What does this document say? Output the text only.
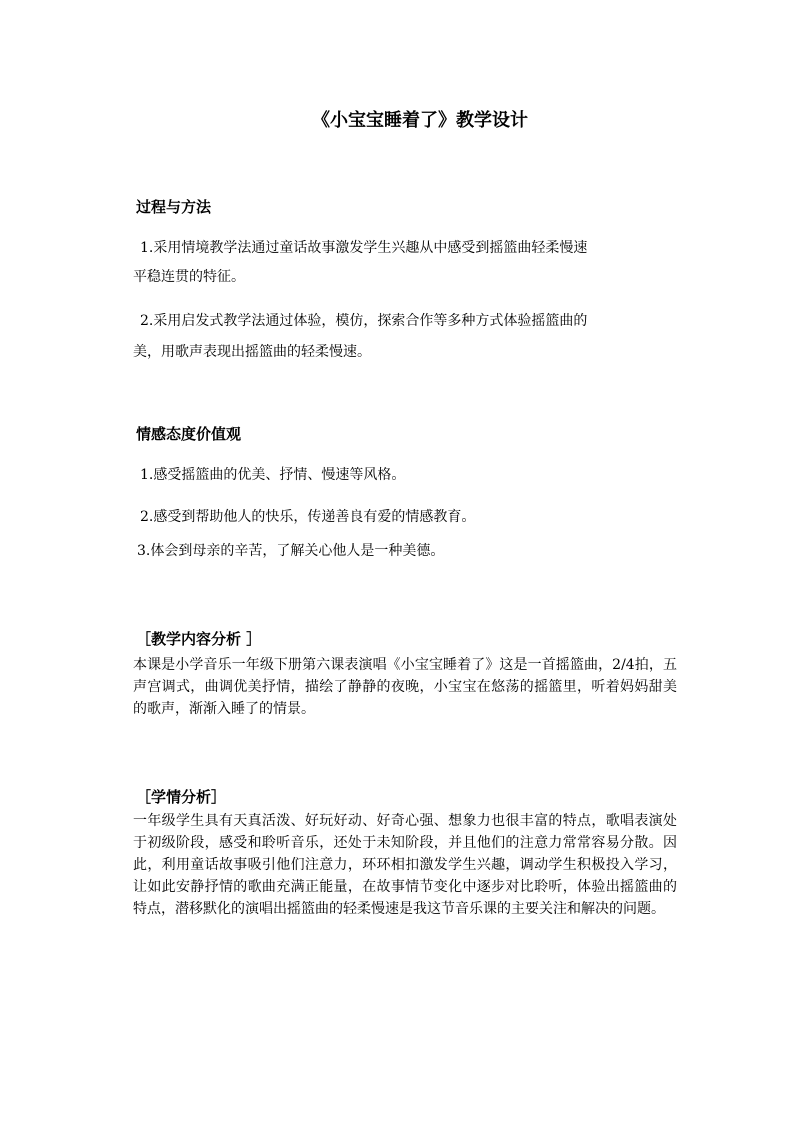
《小宝宝睡着了》教学设计
过程与方法
1.采用情境教学法通过童话故事激发学生兴趣从中感受到摇篮曲轻柔慢速
平稳连贯的特征。
2.采用启发式教学法通过体验，模仿，探索合作等多种方式体验摇篮曲的
美，用歌声表现出摇篮曲的轻柔慢速。
情感态度价值观
1.感受摇篮曲的优美、抒情、慢速等风格。
2.感受到帮助他人的快乐，传递善良有爱的情感教育。
3.体会到母亲的辛苦，了解关心他人是一种美德。
［教学内容分析 ］
本课是小学音乐一年级下册第六课表演唱《小宝宝睡着了》这是一首摇篮曲，2/4拍，五声宫调式，曲调优美抒情，描绘了静静的夜晚，小宝宝在悠荡的摇篮里，听着妈妈甜美的歌声，渐渐入睡了的情景。
［学情分析］
一年级学生具有天真活泼、好玩好动、好奇心强、想象力也很丰富的特点，歌唱表演处于初级阶段，感受和聆听音乐，还处于未知阶段，并且他们的注意力常常容易分散。因此，利用童话故事吸引他们注意力，环环相扣激发学生兴趣，调动学生积极投入学习，让如此安静抒情的歌曲充满正能量，在故事情节变化中逐步对比聆听，体验出摇篮曲的特点，潜移默化的演唱出摇篮曲的轻柔慢速是我这节音乐课的主要关注和解决的问题。
